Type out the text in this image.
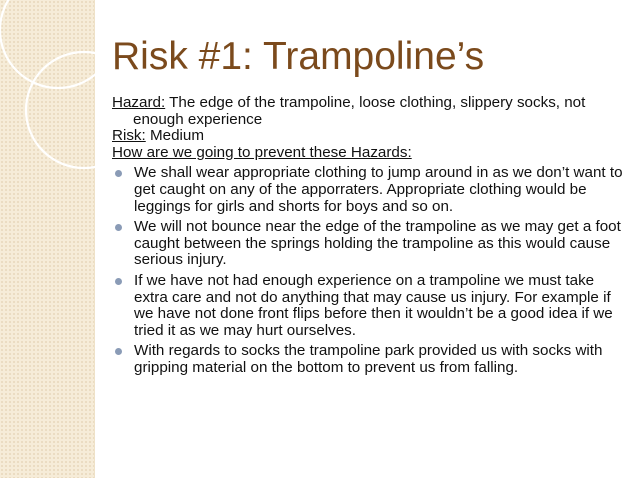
Risk #1: Trampoline’s

Hazard: The edge of the trampoline, loose clothing, slippery socks, not enough experience

Risk: Medium

How are we going to prevent these Hazards:

We shall wear appropriate clothing to jump around in as we don’t want to get caught on any of the apporraters. Appropriate clothing would be leggings for girls and shorts for boys and so on.
We will not bounce near the edge of the trampoline as we may get a foot caught between the springs holding the trampoline as this would cause serious injury.
If we have not had enough experience on a trampoline we must take extra care and not do anything that may cause us injury. For example if we have not done front flips before then it wouldn’t be a good idea if we tried it as we may hurt ourselves.
With regards to socks the trampoline park provided us with socks with gripping material on the bottom to prevent us from falling.
